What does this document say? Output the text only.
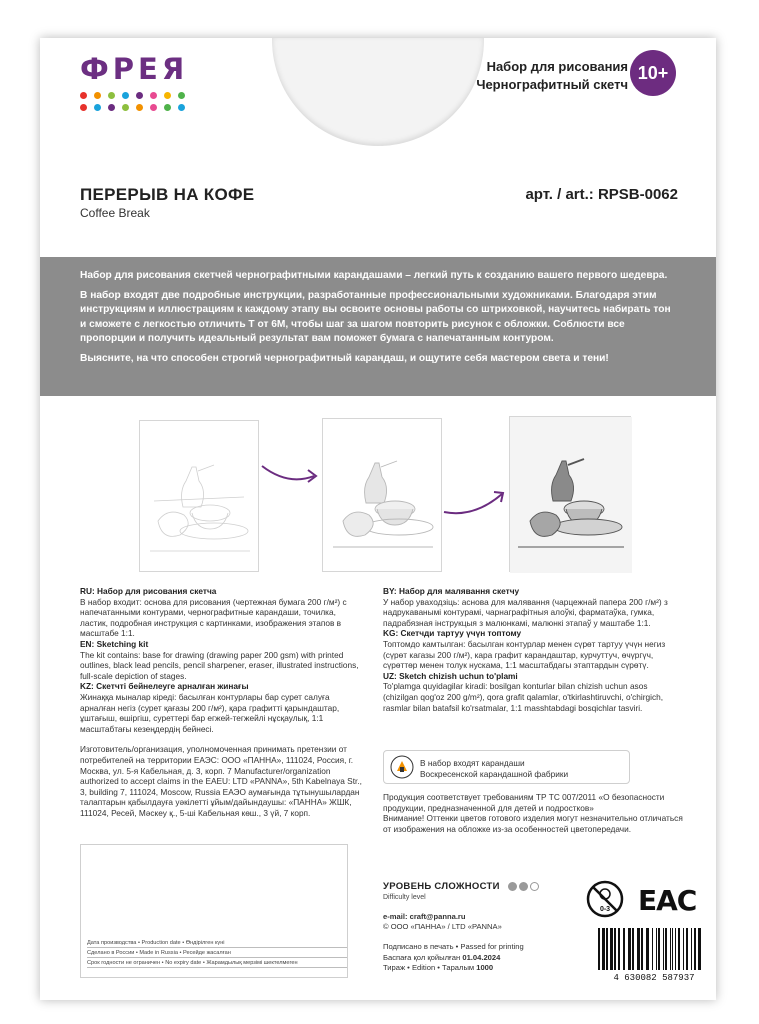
ФРЕЯ	Набор для рисования
Чернографитный скетч
10+
ПЕРЕРЫВ НА КОФЕ
Coffee Break
арт. / art.: RPSB-0062

Набор для рисования скетчей чернографитными карандашами – легкий путь к созданию вашего первого шедевра.

В набор входят две подробные инструкции, разработанные профессиональными художниками. Благодаря этим инструкциям и иллюстрациям к каждому этапу вы освоите основы работы со штриховкой, научитесь набирать тон и сможете с легкостью отличить Т от 6М, чтобы шаг за шагом повторить рисунок с обложки. Соблюсти все пропорции и получить идеальный результат вам поможет бумага с напечатанным контуром.

Выясните, на что способен строгий чернографитный карандаш, и ощутите себя мастером света и тени!

RU: Набор для рисования скетча

В набор входит: основа для рисования (чертежная бумага 200 г/м²) с напечатанными контурами, чернографитные карандаши, точилка, ластик, подробная инструкция с картинками, изображения этапов в масштабе 1:1.

EN: Sketching kit

The kit contains: base for drawing (drawing paper 200 gsm) with printed outlines, black lead pencils, pencil sharpener, eraser, illustrated instructions, full-scale depiction of stages.

KZ: Скетчті бейнелеуге арналған жинағы

Жинаққа мыналар кіреді: басылған контурлары бар сурет салуға арналған негіз (сурет қағазы 200 г/м²), қара графитті қарындаштар, ұштағыш, өшіргіш, суреттері бар егжей-тегжейлі нұсқаулық, 1:1 масштабтағы кезеңдердің бейнесі.

Изготовитель/организация, уполномоченная принимать претензии от потребителей на территории ЕАЭС: ООО «ПАННА», 111024, Россия, г. Москва, ул. 5-я Кабельная, д. 3, корп. 7 Manufacturer/organization authorized to accept claims in the EAEU: LTD «PANNA», 5th Kabelnaya Str., 3, building 7, 111024, Moscow, Russia ЕАЭО аумағында тұтынушылардан талаптарын қабылдауға уәкілетті ұйым/дайындаушы: «ПАННА» ЖШК, 111024, Ресей, Мәскеу қ., 5-ші Кабельная көш., 3 үй, 7 корп.

BY: Набор для малявання скетчу

У набор уваходзіць: аснова для малявання (чарцежнай папера 200 г/м²) з надрукаванымі контурамі, чарнаграфітныя алоўкі, фарматаўка, гумка, падрабязная інструкцыя з малюнкамі, малюнкі этапаў у маштабе 1:1.

KG: Скетчди тартуу үчүн топтому

Топтомдо камтылган: басылган контурлар менен сүрөт тартуу үчүн негиз (сүрөт кагазы 200 г/м²), кара графит карандаштар, курчуттуч, өчүргүч, сүрөттөр менен толук нускама, 1:1 масштабдагы этаптардын сүрөтү.

UZ: Sketch chizish uchun to'plami

To'plamga quyidagilar kiradi: bosilgan konturlar bilan chizish uchun asos (chizilgan qog'oz 200 g/m²), qora grafit qalamlar, o'tkirlashtiruvchi, o'chirgich, rasmlar bilan batafsil ko'rsatmalar, 1:1 masshtabdagi bosqichlar tasviri.

В набор входят карандаши
Воскресенской карандашной фабрики

Продукция соответствует требованиям ТР ТС 007/2011 «О безопасности продукции, предназначенной для детей и подростков»

Внимание! Оттенки цветов готового изделия могут незначительно отличаться от изображения на обложке из-за особенностей цветопередачи.

Дата производства • Production date • Өндірілген күні
Сделано в России • Made in Russia • Ресейде жасалған
Срок годности не ограничен • No expiry date • Жарамдылық мерзімі шектелмеген
УРОВЕНЬ СЛОЖНОСТИ
Difficulty level
e-mail: craft@panna.ru
© ООО «ПАННА» / LTD «PANNA»
Подписано в печать • Passed for printing
Баспаға қол қойылған 01.04.2024
Тираж • Edition • Таралым 1000
0-3 ЕАС
4 630082 587937
